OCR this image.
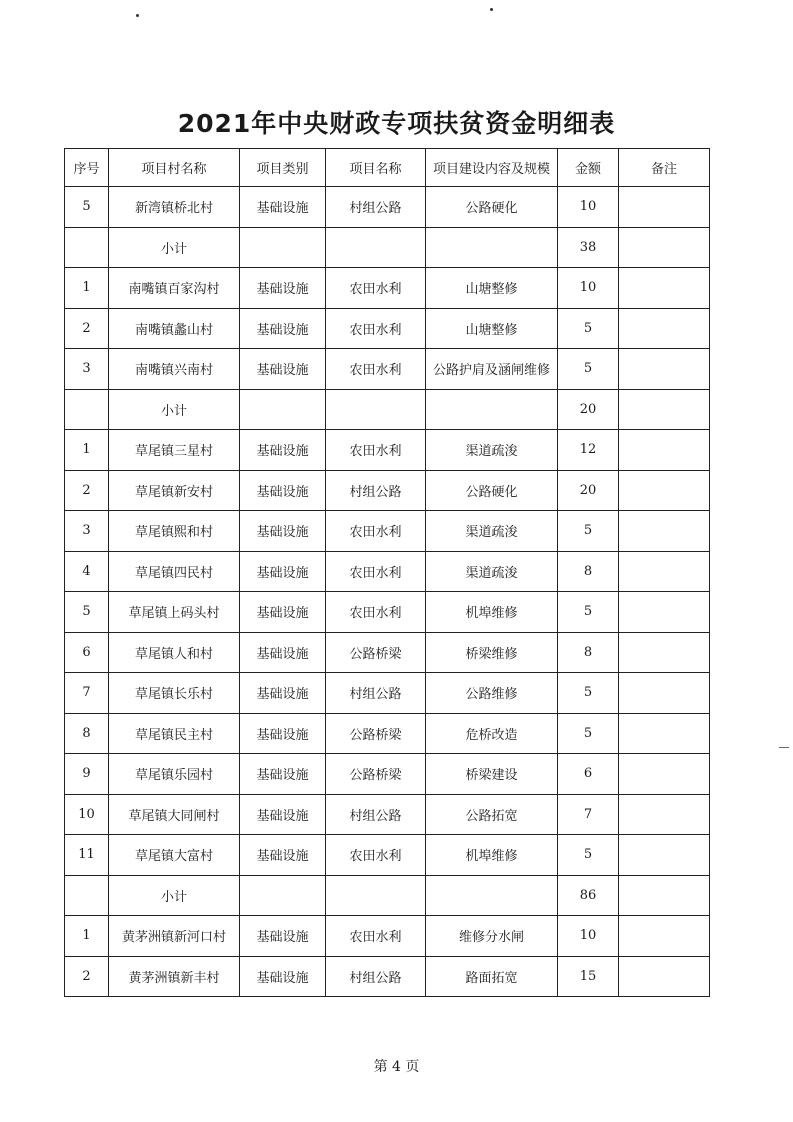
2021年中央财政专项扶贫资金明细表
序号	项目村名称	项目类别	项目名称	项目建设内容及规模	金额	备注
5	新湾镇桥北村	基础设施	村组公路	公路硬化	10	
	小计				38	
1	南嘴镇百家沟村	基础设施	农田水利	山塘整修	10	
2	南嘴镇蠡山村	基础设施	农田水利	山塘整修	5	
3	南嘴镇兴南村	基础设施	农田水利	公路护肩及涵闸维修	5	
	小计				20	
1	草尾镇三星村	基础设施	农田水利	渠道疏浚	12	
2	草尾镇新安村	基础设施	村组公路	公路硬化	20	
3	草尾镇熙和村	基础设施	农田水利	渠道疏浚	5	
4	草尾镇四民村	基础设施	农田水利	渠道疏浚	8	
5	草尾镇上码头村	基础设施	农田水利	机埠维修	5	
6	草尾镇人和村	基础设施	公路桥梁	桥梁维修	8	
7	草尾镇长乐村	基础设施	村组公路	公路维修	5	
8	草尾镇民主村	基础设施	公路桥梁	危桥改造	5	
9	草尾镇乐园村	基础设施	公路桥梁	桥梁建设	6	
10	草尾镇大同闸村	基础设施	村组公路	公路拓宽	7	
11	草尾镇大富村	基础设施	农田水利	机埠维修	5	
	小计				86	
1	黄茅洲镇新河口村	基础设施	农田水利	维修分水闸	10	
2	黄茅洲镇新丰村	基础设施	村组公路	路面拓宽	15	
第 4 页
